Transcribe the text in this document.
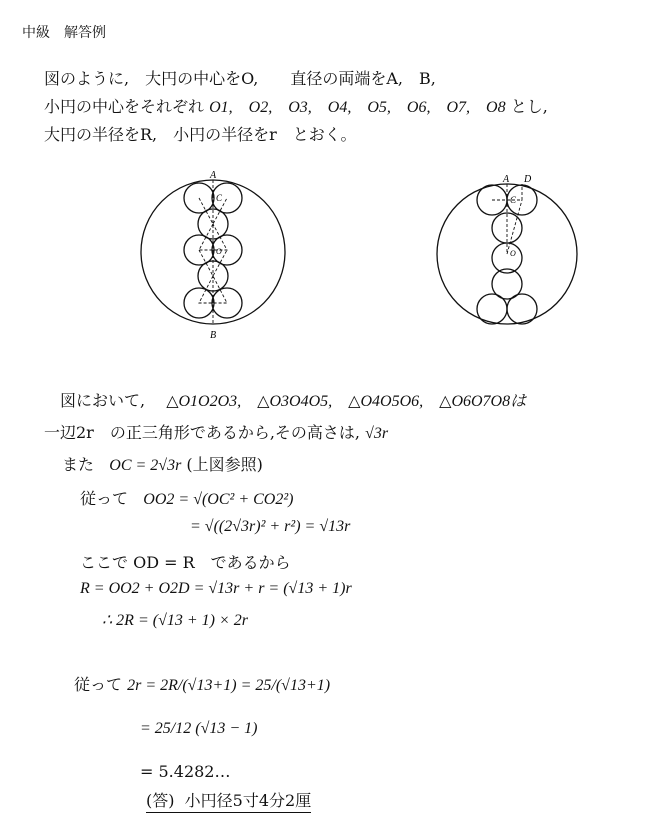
中級　解答例
図のように,　大円の中心をO,　　直径の両端をA,　B,
小円の中心をそれぞれ O1,　O2,　O3,　O4,　O5,　O6,　O7,　O8 とし,
大円の半径をR,　小円の半径をr　とおく。
A
B
C
O
A D
C
O
図において, 　△O1O2O3,　△O3O4O5,　△O4O5O6,　△O6O7O8は
一辺2r　の正三角形であるから,その高さは, √3r
また OC = 2√3r (上図参照)
従って OO2 = √(OC² + CO2²)
= √((2√3r)² + r²) = √13r
ここで OD = R　であるから
R = OO2 + O2D = √13r + r = (√13 + 1)r
∴ 2R = (√13 + 1) × 2r
従って 2r = 2R/(√13+1) = 25/(√13+1)
= 25/12 (√13 − 1)
= 5.4282…
(答) 小円径5寸4分2厘
